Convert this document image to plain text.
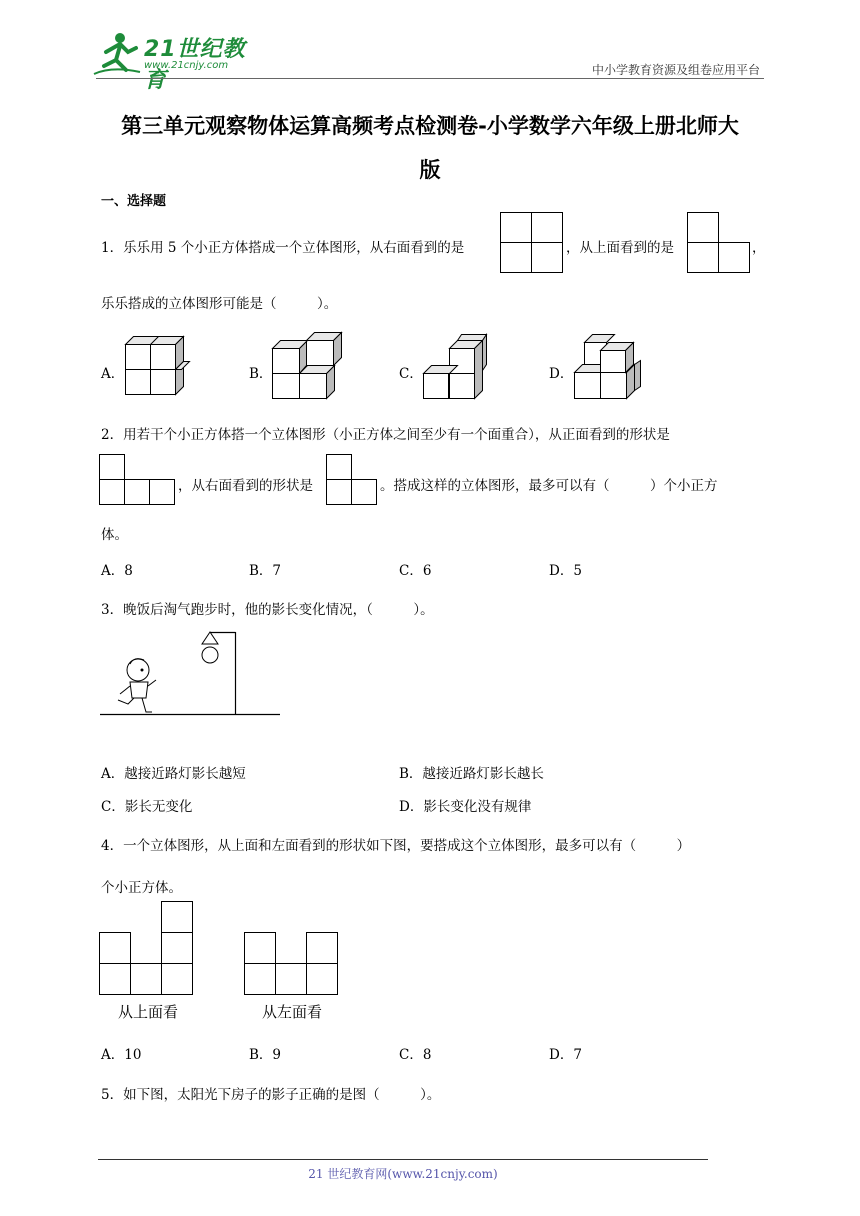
21世纪教育
www.21cnjy.com	中小学教育资源及组卷应用平台
第三单元观察物体运算高频考点检测卷-小学数学六年级上册北师大
版
一、选择题
1．乐乐用 5 个小正方体搭成一个立体图形，从右面看到的是	，从上面看到的是	，
乐乐搭成的立体图形可能是（　　　）。
A．	B．	C．	D．
2．用若干个小正方体搭一个立体图形（小正方体之间至少有一个面重合），从正面看到的形状是
，从右面看到的形状是	。搭成这样的立体图形，最多可以有（　　　）个小正方
体。
A．8	B．7	C．6	D．5
3．晚饭后淘气跑步时，他的影长变化情况，（　　　）。
A．越接近路灯影长越短	B．越接近路灯影长越长
C．影长无变化	D．影长变化没有规律
4．一个立体图形，从上面和左面看到的形状如下图，要搭成这个立体图形，最多可以有（　　　）
个小正方体。
从上面看	从左面看
A．10	B．9	C．8	D．7
5．如下图，太阳光下房子的影子正确的是图（　　　）。
21 世纪教育网(www.21cnjy.com)
